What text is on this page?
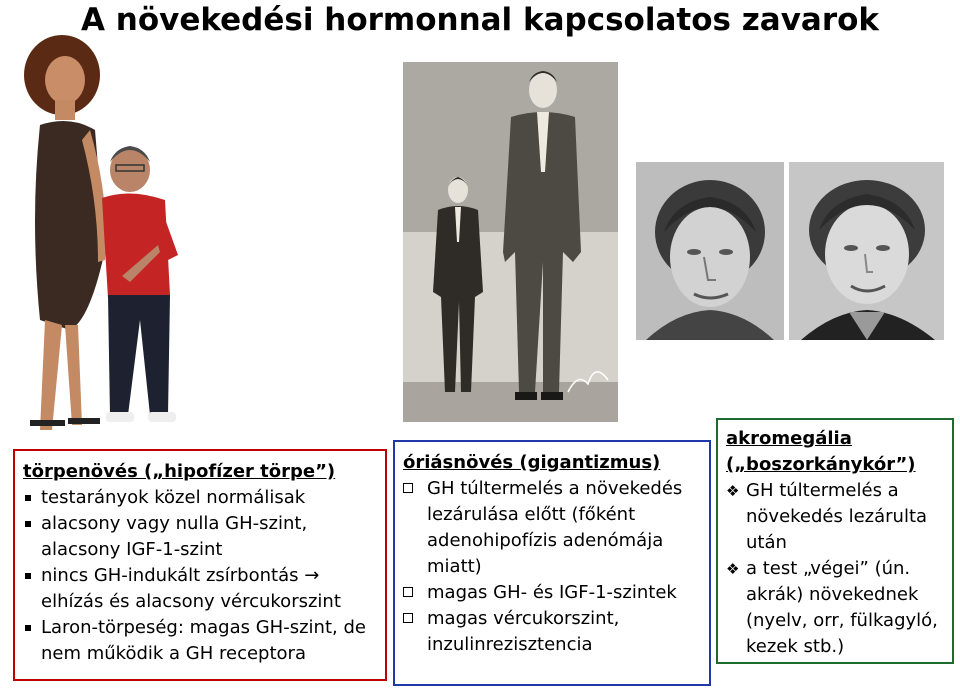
A növekedési hormonnal kapcsolatos zavarok
törpenövés („hipofízer törpe”)
testarányok közel normálisak
alacsony vagy nulla GH-szint, alacsony IGF-1-szint
nincs GH-indukált zsírbontás → elhízás és alacsony vércukorszint
Laron-törpeség: magas GH-szint, de nem működik a GH receptora
óriásnövés (gigantizmus)
GH túltermelés a növekedés lezárulása előtt (főként adenohipofízis adenómája miatt)
magas GH- és IGF-1-szintek
magas vércukorszint, inzulinrezisztencia
akromegália
(„boszorkánykór”)
❖ GH túltermelés a növekedés lezárulta után
❖ a test „végei” (ún. akrák) növekednek (nyelv, orr, fülkagyló, kezek stb.)
